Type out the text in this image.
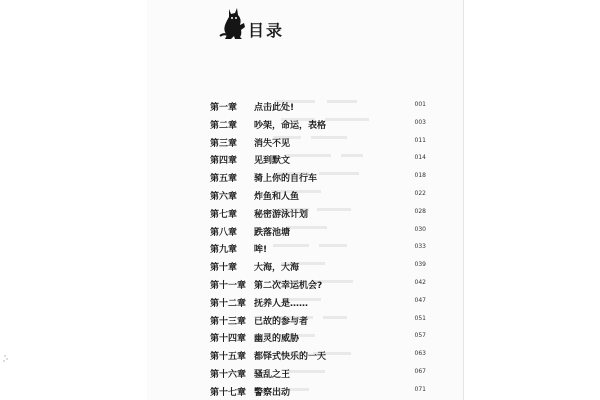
目录
第一章 点击此处!	001
第二章 吵架，命运，表格	003
第三章 消失不见	011
第四章 见到默文	014
第五章 骑上你的自行车	018
第六章 炸鱼和人鱼	022
第七章 秘密游泳计划	028
第八章 跌落池塘	030
第九章 哞!	033
第十章 大海，大海	039
第十一章 第二次幸运机会?	042
第十二章 抚养人是……	047
第十三章 已故的参与者	051
第十四章 幽灵的威胁	057
第十五章 都铎式快乐的一天	063
第十六章 骚乱之王	067
第十七章 警察出动	071
